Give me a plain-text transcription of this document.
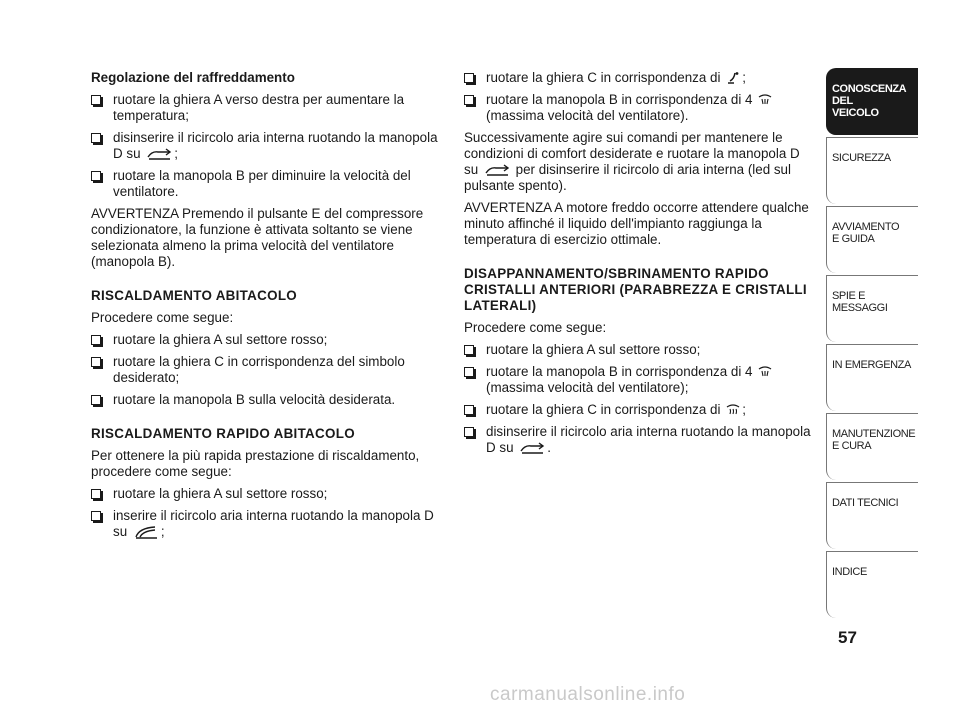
Regolazione del raffreddamento
ruotare la ghiera A verso destra per aumentare la temperatura;
disinserire il ricircolo aria interna ruotando la manopola D su	;
ruotare la manopola B per diminuire la velocità del ventilatore.
AVVERTENZA Premendo il pulsante E del compressore condizionatore, la funzione è attivata soltanto se viene selezionata almeno la prima velocità del ventilatore (manopola B).
RISCALDAMENTO ABITACOLO
Procedere come segue:
ruotare la ghiera A sul settore rosso;
ruotare la ghiera C in corrispondenza del simbolo desiderato;
ruotare la manopola B sulla velocità desiderata.
RISCALDAMENTO RAPIDO ABITACOLO
Per ottenere la più rapida prestazione di riscaldamento, procedere come segue:
ruotare la ghiera A sul settore rosso;
inserire il ricircolo aria interna ruotando la manopola D su	;
ruotare la ghiera C in corrispondenza di ;
ruotare la manopola B in corrispondenza di 4
(massima velocità del ventilatore).
Successivamente agire sui comandi per mantenere le condizioni di comfort desiderate e ruotare la manopola D su	per disinserire il ricircolo di aria interna (led sul pulsante spento).
AVVERTENZA A motore freddo occorre attendere qualche minuto affinché il liquido dell'impianto raggiunga la temperatura di esercizio ottimale.
DISAPPANNAMENTO/SBRINAMENTO RAPIDO CRISTALLI ANTERIORI (PARABREZZA E CRISTALLI LATERALI)
Procedere come segue:
ruotare la ghiera A sul settore rosso;
ruotare la manopola B in corrispondenza di 4
(massima velocità del ventilatore);
ruotare la ghiera C in corrispondenza di ;
disinserire il ricircolo aria interna ruotando la manopola D su	.
CONOSCENZA
DEL
VEICOLO
SICUREZZA
AVVIAMENTO
E GUIDA
SPIE E
MESSAGGI
IN EMERGENZA
MANUTENZIONE
E CURA
DATI TECNICI
INDICE
57
carmanualsonline.info
